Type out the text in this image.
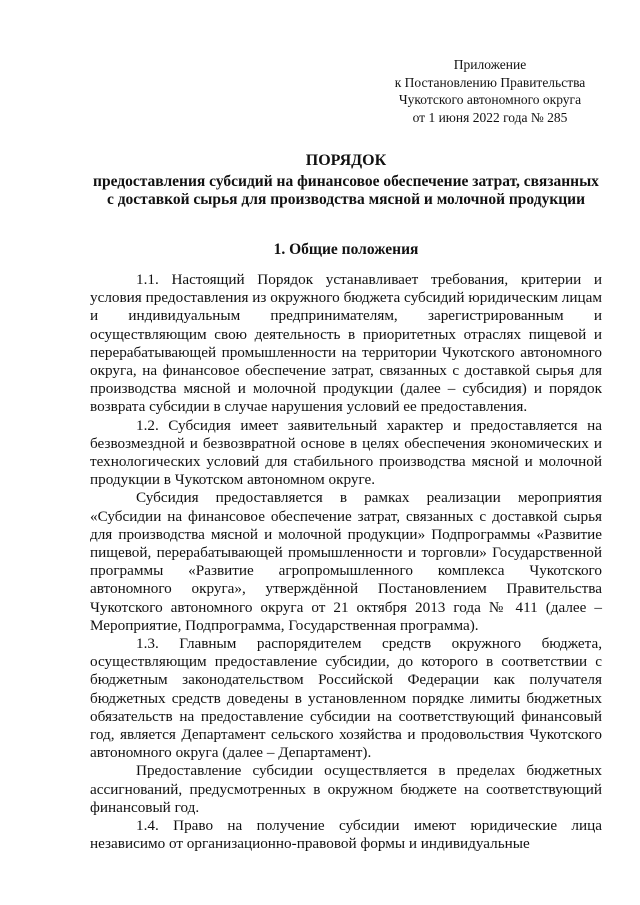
Приложение
к Постановлению Правительства
Чукотского автономного округа
от 1 июня 2022 года № 285
ПОРЯДОК
предоставления субсидий на финансовое обеспечение затрат, связанных с доставкой сырья для производства мясной и молочной продукции
1. Общие положения

1.1. Настоящий Порядок устанавливает требования, критерии и условия предоставления из окружного бюджета субсидий юридическим лицам и индивидуальным предпринимателям, зарегистрированным и осуществляющим свою деятельность в приоритетных отраслях пищевой и перерабатывающей промышленности на территории Чукотского автономного округа, на финансовое обеспечение затрат, связанных с доставкой сырья для производства мясной и молочной продукции (далее – субсидия) и порядок возврата субсидии в случае нарушения условий ее предоставления.

1.2. Субсидия имеет заявительный характер и предоставляется на безвозмездной и безвозвратной основе в целях обеспечения экономических и технологических условий для стабильного производства мясной и молочной продукции в Чукотском автономном округе.

Субсидия предоставляется в рамках реализации мероприятия «Субсидии на финансовое обеспечение затрат, связанных с доставкой сырья для производства мясной и молочной продукции» Подпрограммы «Развитие пищевой, перерабатывающей промышленности и торговли» Государственной программы «Развитие агропромышленного комплекса Чукотского автономного округа», утверждённой Постановлением Правительства Чукотского автономного округа от 21 октября 2013 года № 411 (далее – Мероприятие, Подпрограмма, Государственная программа).

1.3. Главным распорядителем средств окружного бюджета, осуществляющим предоставление субсидии, до которого в соответствии с бюджетным законодательством Российской Федерации как получателя бюджетных средств доведены в установленном порядке лимиты бюджетных обязательств на предоставление субсидии на соответствующий финансовый год, является Департамент сельского хозяйства и продовольствия Чукотского автономного округа (далее – Департамент).

Предоставление субсидии осуществляется в пределах бюджетных ассигнований, предусмотренных в окружном бюджете на соответствующий финансовый год.

1.4. Право на получение субсидии имеют юридические лица независимо от организационно-правовой формы и индивидуальные
